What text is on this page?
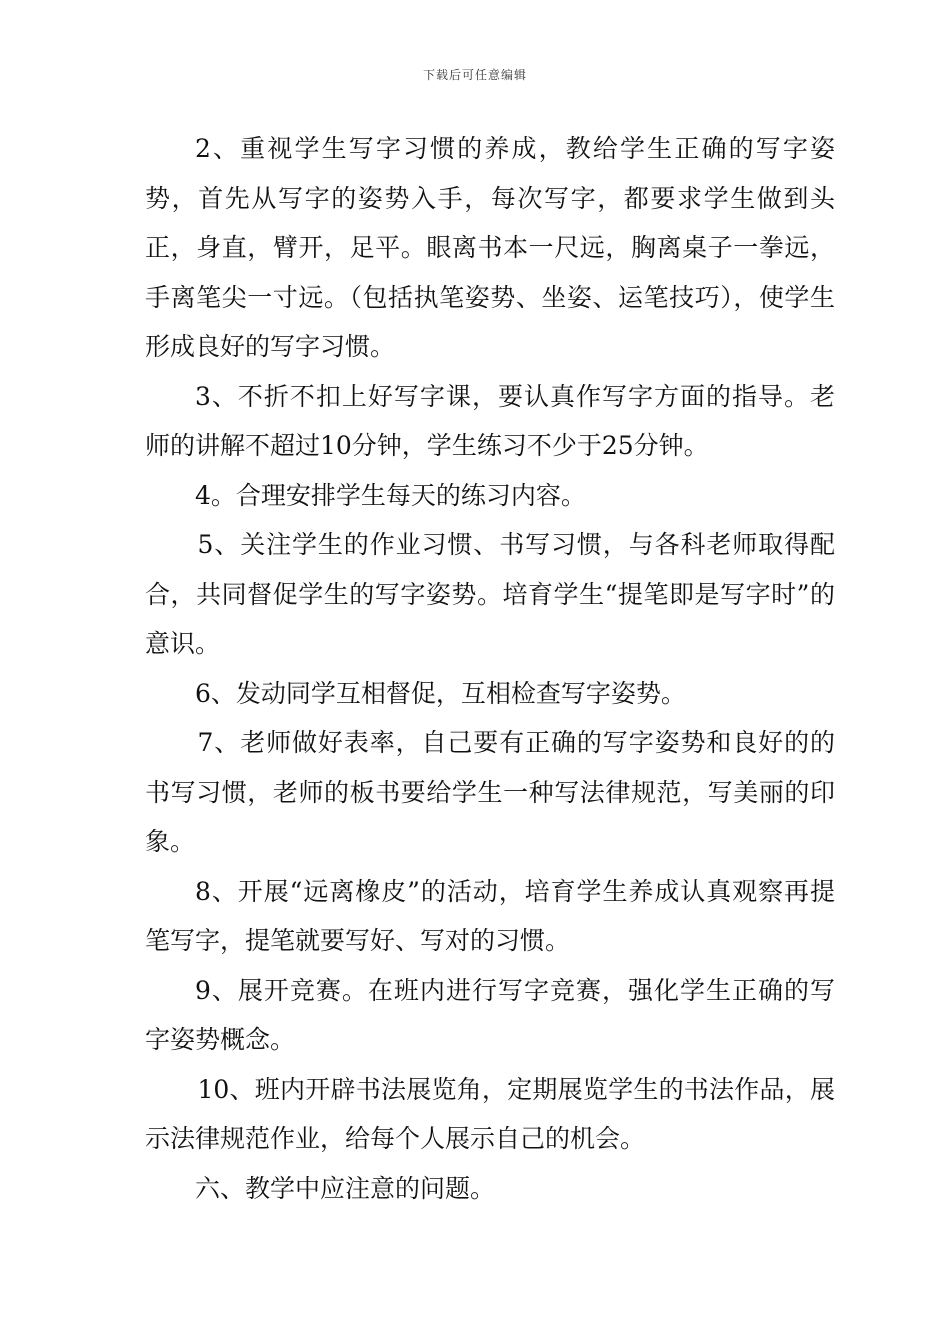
下载后可任意编辑

2、重视学生写字习惯的养成，教给学生正确的写字姿势，首先从写字的姿势入手，每次写字，都要求学生做到头正，身直，臂开，足平。眼离书本一尺远，胸离桌子一拳远，手离笔尖一寸远。（包括执笔姿势、坐姿、运笔技巧），使学生形成良好的写字习惯。

3、不折不扣上好写字课，要认真作写字方面的指导。老师的讲解不超过10分钟，学生练习不少于25分钟。

4。合理安排学生每天的练习内容。

5、关注学生的作业习惯、书写习惯，与各科老师取得配合，共同督促学生的写字姿势。培育学生“提笔即是写字时”的意识。

6、发动同学互相督促，互相检查写字姿势。

7、老师做好表率，自己要有正确的写字姿势和良好的的书写习惯，老师的板书要给学生一种写法律规范，写美丽的印象。

8、开展“远离橡皮”的活动，培育学生养成认真观察再提笔写字，提笔就要写好、写对的习惯。

9、展开竞赛。在班内进行写字竞赛，强化学生正确的写字姿势概念。

10、班内开辟书法展览角，定期展览学生的书法作品，展示法律规范作业，给每个人展示自己的机会。

六、教学中应注意的问题。
